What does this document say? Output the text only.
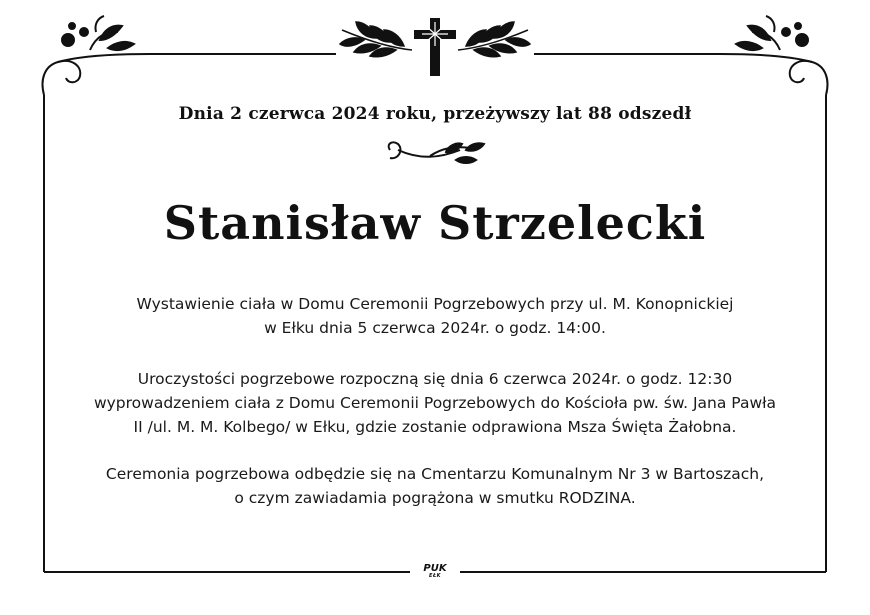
Dnia 2 czerwca 2024 roku, przeżywszy lat 88 odszedł
Stanisław Strzelecki
Wystawienie ciała w Domu Ceremonii Pogrzebowych przy ul. M. Konopnickiej
w Ełku dnia 5 czerwca 2024r. o godz. 14:00.
Uroczystości pogrzebowe rozpoczną się dnia 6 czerwca 2024r. o godz. 12:30
wyprowadzeniem ciała z Domu Ceremonii Pogrzebowych do Kościoła pw. św. Jana Pawła
II /ul. M. M. Kolbego/ w Ełku, gdzie zostanie odprawiona Msza Święta Żałobna.
Ceremonia pogrzebowa odbędzie się na Cmentarzu Komunalnym Nr 3 w Bartoszach,
o czym zawiadamia pogrążona w smutku RODZINA.
PUK
EŁK
